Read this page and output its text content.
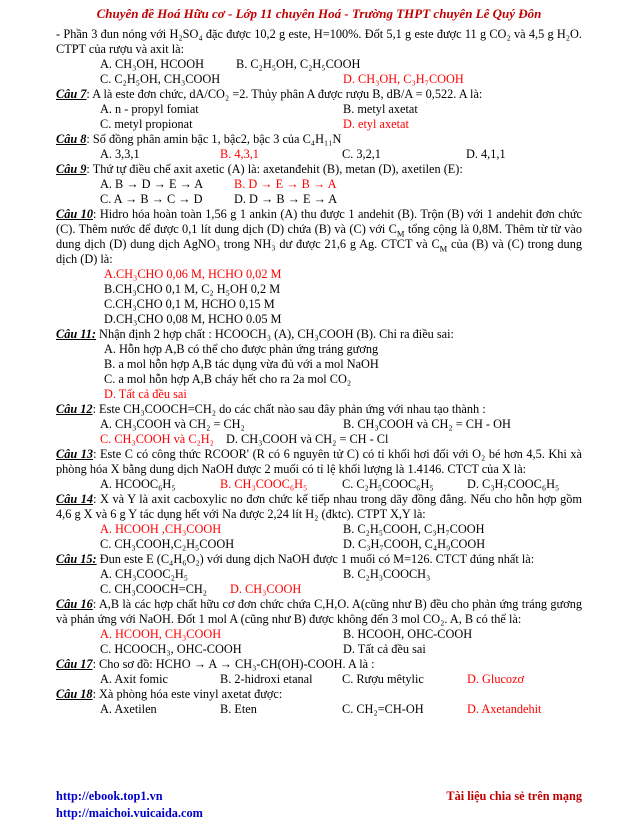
Chuyên đề Hoá Hữu cơ - Lớp 11 chuyên Hoá - Trường THPT chuyên Lê Quý Đôn
- Phần 3 đun nóng với H₂SO₄ đặc được 10,2 g este, H=100%. Đốt 5,1 g este được 11 g CO₂ và 4,5 g H₂O. CTPT của rượu và axit là:
A. CH₃OH, HCOOH	B. C₂H₅OH, C₂H₅COOH
C. C₂H₅OH, CH₃COOH	D. CH₃OH, C₃H₇COOH
Câu 7: A là este đơn chức, dA/CO₂ =2. Thủy phân A được rượu B, dB/A = 0,522. A là:
A. n - propyl fomiat	B. metyl axetat
C. metyl propionat	D. etyl axetat
Câu 8: Số đồng phân amin bậc 1, bậc2, bậc 3 của C₄H₁₁N
A. 3,3,1	B. 4,3,1	C. 3,2,1	D. 4,1,1
Câu 9: Thứ tự điều chế axit axetic (A) là: axetanđehit (B), metan (D), axetilen (E):
A. B → D → E → A	B. D → E → B → A
C. A → B → C → D	D. D → B → E → A
Câu 10: Hidro hóa hoàn toàn 1,56 g 1 ankin (A) thu được 1 andehit (B). Trộn (B) với 1 andehit đơn chức (C). Thêm nước để được 0,1 lít dung dịch (D) chứa (B) và (C) với $C_M$ tổng cộng là 0,8M. Thêm từ từ vào dung dịch (D) dung dịch AgNO₃ trong NH₃ dư được 21,6 g Ag. CTCT và $C_M$ của (B) và (C) trong dung dịch (D) là:
A.CH₃CHO 0,06 M, HCHO 0,02 M
B.CH₃CHO 0,1 M, C₂ H₅OH 0,2 M
C.CH₃CHO 0,1 M, HCHO 0,15 M
D.CH₃CHO 0,08 M, HCHO 0.05 M
Câu 11: Nhận định 2 hợp chất : HCOOCH₃ (A), CH₃COOH (B). Chỉ ra điều sai:
A. Hỗn hợp A,B có thể cho được phản ứng tráng gương
B. a mol hỗn hợp A,B tác dụng vừa đủ với a mol NaOH
C. a mol hỗn hợp A,B cháy hết cho ra 2a mol CO₂
D. Tất cả đều sai
Câu 12: Este CH₃COOCH=CH₂ do các chất nào sau đây phản ứng với nhau tạo thành :
A. CH₃COOH và CH₂ = CH₂	B. CH₃COOH và CH₂ = CH - OH
C. CH₃COOH và C₂H₂ D. CH₃COOH và CH₂ = CH - Cl
Câu 13: Este C có công thức RCOOR' (R có 6 nguyên tử C) có tỉ khối hơi đối với O₂ bé hơn 4,5. Khi xà phòng hóa X bằng dung dịch NaOH được 2 muối có tỉ lệ khối lượng là 1.4146. CTCT của X là:
A. HCOOC₆H₅	B. CH₃COOC₆H₅	C. C₂H₅COOC₆H₅	D. C₃H₇COOC₆H₅
Câu 14: X và Y là axit cacboxylic no đơn chức kế tiếp nhau trong dãy đồng đẳng. Nếu cho hỗn hợp gồm 4,6 g X và 6 g Y tác dụng hết với Na được 2,24 lít H₂ (đktc). CTPT X,Y là:
A. HCOOH ,CH₃COOH	B. C₂H₅COOH, C₃H₇COOH
C. CH₃COOH,C₂H₅COOH	D. C₃H₇COOH, C₄H₉COOH
Câu 15: Đun este E (C₄H₆O₂) với dung dịch NaOH được 1 muối có M=126. CTCT đúng nhất là:
A. CH₃COOC₂H₅	B. C₂H₃COOCH₃
C. CH₃COOCH=CH₂	D. CH₃COOH
Câu 16: A,B là các hợp chất hữu cơ đơn chức chứa C,H,O. A(cũng như B) đều cho phản ứng tráng gương và phản ứng với NaOH. Đốt 1 mol A (cũng như B) được không đến 3 mol CO₂. A, B có thể là:
A. HCOOH, CH₃COOH	B. HCOOH, OHC-COOH
C. HCOOCH₃, OHC-COOH	D. Tất cả đều sai
Câu 17: Cho sơ đồ: HCHO → A → CH₃-CH(OH)-COOH. A là :
A. Axit fomic	B. 2-hidroxi etanal	C. Rượu mêtylic	D. Glucozơ
Câu 18: Xà phòng hóa este vinyl axetat được:
A. Axetilen	B. Eten	C. CH₂=CH-OH	D. Axetandehit
http://ebook.top1.vn
http://maichoi.vuicaida.com
Tài liệu chia sẻ trên mạng
